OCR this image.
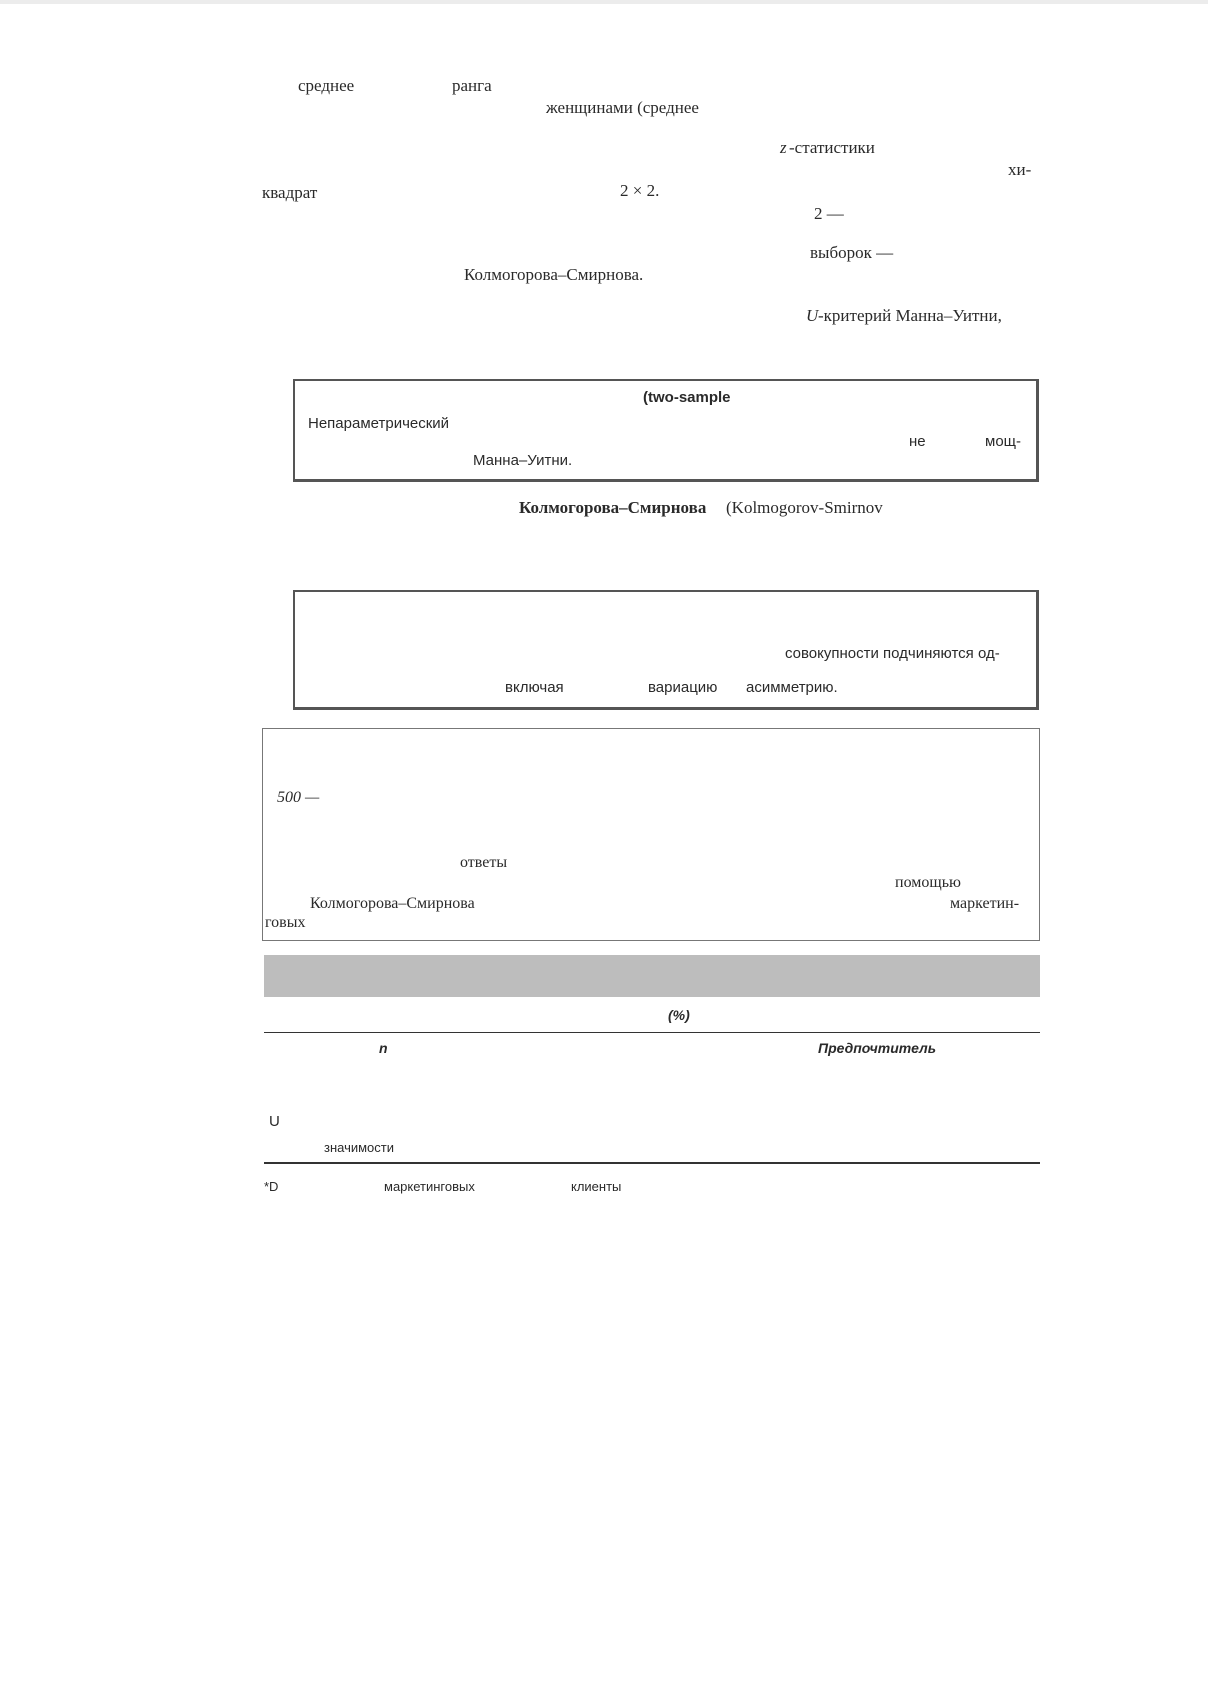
среднее	ранга
женщинами (среднее
z -статистики
хи-
квадрат	2 × 2.
2 —
выборок —
Колмогорова–Смирнова.
U -критерий Манна–Уитни,
(two-sample
Непараметрический
не	мощ-
Манна–Уитни.
Колмогорова–Смирнова (Kolmogorov-Smirnov
совокупности подчиняются од-
включая	вариацию асимметрию.
500 —
ответы
помощью
Колмогорова–Смирнова	маркетин-
говых
(%)
n	Предпочтитель
U
значимости
*D	маркетинговых	клиенты
